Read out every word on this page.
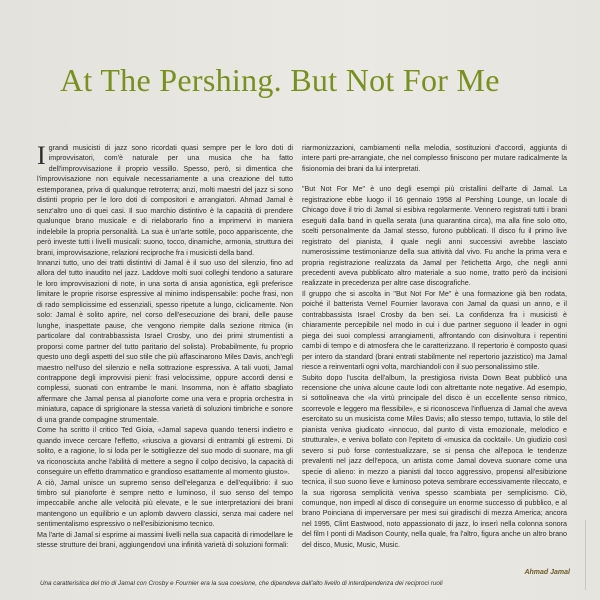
At The Pershing. But Not For Me

Igrandi musicisti di jazz sono ricordati quasi sempre per le loro doti di improvvisatori, com'è naturale per una musica che ha fatto dell'improvvisazione il proprio vessillo. Spesso, però, si dimentica che l'improvvisazione non equivale necessariamente a una creazione del tutto estemporanea, priva di qualunque retroterra; anzi, molti maestri del jazz si sono distinti proprio per le loro doti di compositori e arrangiatori. Ahmad Jamal è senz'altro uno di quei casi. Il suo marchio distintivo è la capacità di prendere qualunque brano musicale e di rielaborarlo fino a imprimervi in maniera indelebile la propria personalità. La sua è un'arte sottile, poco appariscente, che però investe tutti i livelli musicali: suono, tocco, dinamiche, armonia, struttura dei brani, improvvisazione, relazioni reciproche fra i musicisti della band.

Innanzi tutto, uno dei tratti distintivi di Jamal è il suo uso del silenzio, fino ad allora del tutto inaudito nel jazz. Laddove molti suoi colleghi tendono a saturare le loro improvvisazioni di note, in una sorta di ansia agonistica, egli preferisce limitare le proprie risorse espressive al minimo indispensabile: poche frasi, non di rado semplicissime ed essenziali, spesso ripetute a lungo, ciclicamente. Non solo: Jamal è solito aprire, nel corso dell'esecuzione dei brani, delle pause lunghe, inaspettate pause, che vengono riempite dalla sezione ritmica (in particolare dal contrabbassista Israel Crosby, uno dei primi strumentisti a proporsi come partner del tutto paritario del solista). Probabilmente, fu proprio questo uno degli aspetti del suo stile che più affascinarono Miles Davis, anch'egli maestro nell'uso del silenzio e nella sottrazione espressiva. A tali vuoti, Jamal contrappone degli improvvisi pieni: frasi velocissime, oppure accordi densi e complessi, suonati con entrambe le mani. Insomma, non è affatto sbagliato affermare che Jamal pensa al pianoforte come una vera e propria orchestra in miniatura, capace di sprigionare la stessa varietà di soluzioni timbriche e sonore di una grande compagine strumentale.

Come ha scritto il critico Ted Gioia, «Jamal sapeva quando tenersi indietro e quando invece cercare l'effetto, «riusciva a giovarsi di entrambi gli estremi. Di solito, e a ragione, lo si loda per le sottigliezze del suo modo di suonare, ma gli va riconosciuta anche l'abilità di mettere a segno il colpo decisivo, la capacità di conseguire un effetto drammatico e grandioso esattamente al momento giusto».

A ciò, Jamal unisce un supremo senso dell'eleganza e dell'equilibrio: il suo timbro sul pianoforte è sempre netto e luminoso, il suo senso del tempo impeccabile anche alle velocità più elevate, e le sue interpretazioni dei brani mantengono un equilibrio e un aplomb davvero classici, senza mai cadere nel sentimentalismo espressivo o nell'esibizionismo tecnico.

Ma l'arte di Jamal si esprime ai massimi livelli nella sua capacità di rimodellare le stesse strutture dei brani, aggiungendovi una infinità varietà di soluzioni formali:

riarmonizzazioni, cambiamenti nella melodia, sostituzioni d'accordi, aggiunta di intere parti pre-arrangiate, che nel complesso finiscono per mutare radicalmente la fisionomia dei brani da lui interpretati.

"But Not For Me" è uno degli esempi più cristallini dell'arte di Jamal. La registrazione ebbe luogo il 16 gennaio 1958 al Pershing Lounge, un locale di Chicago dove il trio di Jamal si esibiva regolarmente. Vennero registrati tutti i brani eseguiti dalla band in quella serata (una quarantina circa), ma alla fine solo otto, scelti personalmente da Jamal stesso, furono pubblicati. Il disco fu il primo live registrato del pianista, il quale negli anni successivi avrebbe lasciato numerosissime testimonianze della sua attività dal vivo. Fu anche la prima vera e propria registrazione realizzata da Jamal per l'etichetta Argo, che negli anni precedenti aveva pubblicato altro materiale a suo nome, tratto però da incisioni realizzate in precedenza per altre case discografiche.

Il gruppo che si ascolta in "But Not For Me" è una formazione già ben rodata, poiché il batterista Vernel Fournier lavorava con Jamal da quasi un anno, e il contrabbassista Israel Crosby da ben sei. La confidenza fra i musicisti è chiaramente percepibile nel modo in cui i due partner seguono il leader in ogni piega dei suoi complessi arrangiamenti, affrontando con disinvoltura i repentini cambi di tempo e di atmosfera che le caratterizzano. Il repertorio è composto quasi per intero da standard (brani entrati stabilmente nel repertorio jazzistico) ma Jamal riesce a reinventarli ogni volta, marchiandoli con il suo personalissimo stile.

Subito dopo l'uscita dell'album, la prestigiosa rivista Down Beat pubblicò una recensione che univa alcune caute lodi con altrettante note negative. Ad esempio, si sottolineava che «la virtù principale del disco è un eccellente senso ritmico, scorrevole e leggero ma flessibile», e si riconosceva l'influenza di Jamal che aveva esercitato su un musicista come Miles Davis; allo stesso tempo, tuttavia, lo stile del pianista veniva giudicato «innocuo, dal punto di vista emozionale, melodico e strutturale», e veniva bollato con l'epiteto di «musica da cocktail». Un giudizio così severo si può forse contestualizzare, se si pensa che all'epoca le tendenze prevalenti nel jazz dell'epoca, un artista come Jamal doveva suonare come una specie di alieno: in mezzo a pianisti dal tocco aggressivo, propensi all'esibizione tecnica, il suo suono lieve e luminoso poteva sembrare eccessivamente rileccato, e la sua rigorosa semplicità veniva spesso scambiata per semplicismo. Ciò, comunque, non impedì al disco di conseguire un enorme successo di pubblico, e al brano Poinciana di imperversare per mesi sui giradischi di mezza America; ancora nel 1995, Clint Eastwood, noto appassionato di jazz, lo inserì nella colonna sonora del film I ponti di Madison County, nella quale, fra l'altro, figura anche un altro brano del disco, Music, Music, Music.

Ahmad Jamal
Una caratteristica del trio di Jamal con Crosby e Fournier era la sua coesione, che dipendeva dall'alto livello di interdipendenza dei reciproci ruoli
